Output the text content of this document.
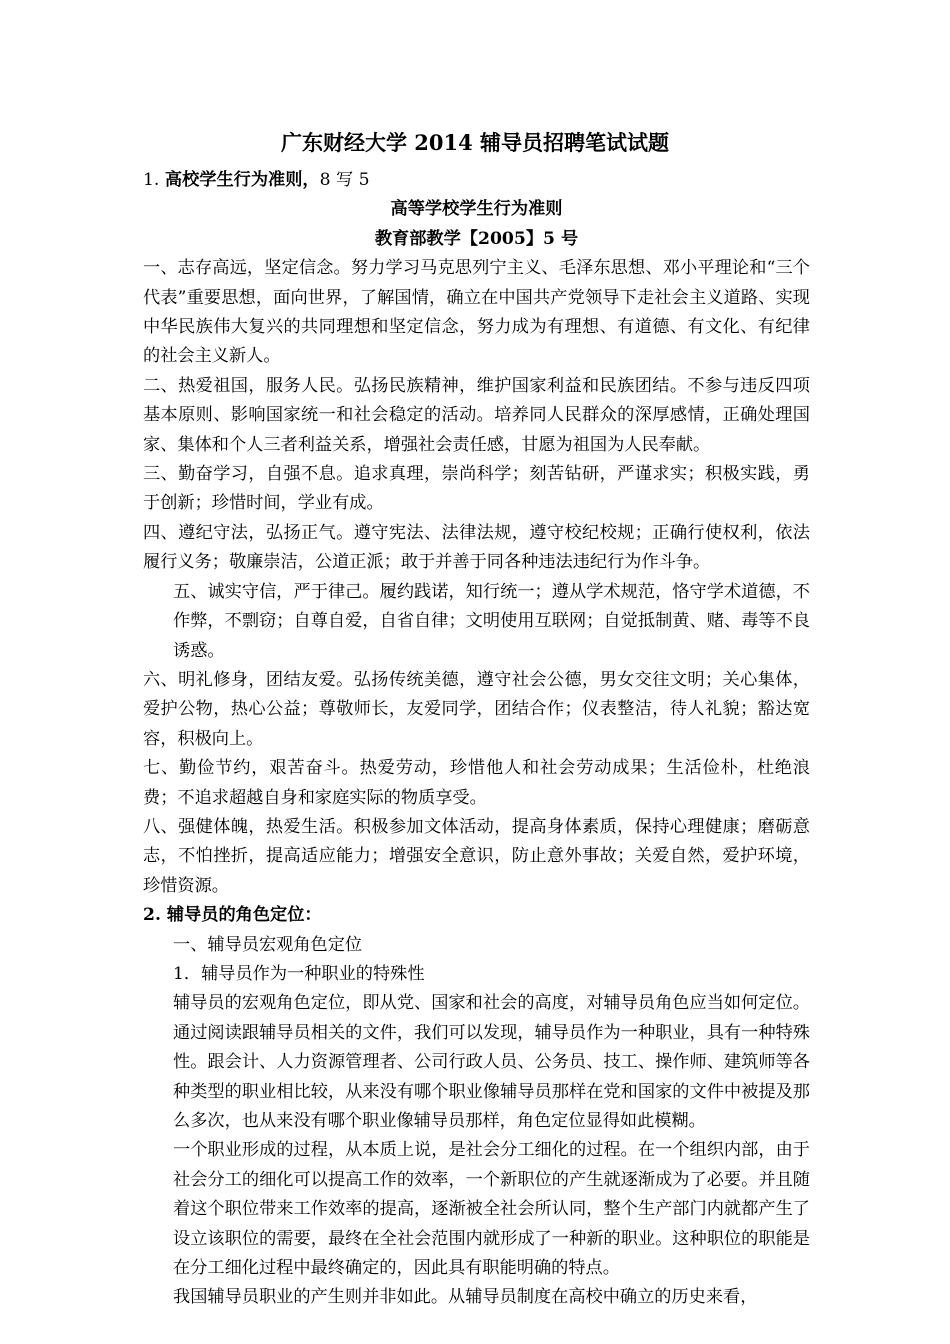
广东财经大学 2014 辅导员招聘笔试试题

1. 高校学生行为准则，8 写 5

高等学校学生行为准则

教育部教学【2005】5 号

一、志存高远，坚定信念。努力学习马克思列宁主义、毛泽东思想、邓小平理论和“三个代表”重要思想，面向世界，了解国情，确立在中国共产党领导下走社会主义道路、实现中华民族伟大复兴的共同理想和坚定信念，努力成为有理想、有道德、有文化、有纪律的社会主义新人。

二、热爱祖国，服务人民。弘扬民族精神，维护国家利益和民族团结。不参与违反四项基本原则、影响国家统一和社会稳定的活动。培养同人民群众的深厚感情，正确处理国家、集体和个人三者利益关系，增强社会责任感，甘愿为祖国为人民奉献。

三、勤奋学习，自强不息。追求真理，崇尚科学；刻苦钻研，严谨求实；积极实践，勇于创新；珍惜时间，学业有成。

四、遵纪守法，弘扬正气。遵守宪法、法律法规，遵守校纪校规；正确行使权利，依法履行义务；敬廉崇洁，公道正派；敢于并善于同各种违法违纪行为作斗争。

五、诚实守信，严于律己。履约践诺，知行统一；遵从学术规范，恪守学术道德，不作弊，不剽窃；自尊自爱，自省自律；文明使用互联网；自觉抵制黄、赌、毒等不良诱惑。

六、明礼修身，团结友爱。弘扬传统美德，遵守社会公德，男女交往文明；关心集体，爱护公物，热心公益；尊敬师长，友爱同学，团结合作；仪表整洁，待人礼貌；豁达宽容，积极向上。

七、勤俭节约，艰苦奋斗。热爱劳动，珍惜他人和社会劳动成果；生活俭朴，杜绝浪费；不追求超越自身和家庭实际的物质享受。

八、强健体魄，热爱生活。积极参加文体活动，提高身体素质，保持心理健康；磨砺意志，不怕挫折，提高适应能力；增强安全意识，防止意外事故；关爱自然，爱护环境，珍惜资源。

2. 辅导员的角色定位：

一、辅导员宏观角色定位

1．辅导员作为一种职业的特殊性

辅导员的宏观角色定位，即从党、国家和社会的高度，对辅导员角色应当如何定位。通过阅读跟辅导员相关的文件，我们可以发现，辅导员作为一种职业，具有一种特殊性。跟会计、人力资源管理者、公司行政人员、公务员、技工、操作师、建筑师等各种类型的职业相比较，从来没有哪个职业像辅导员那样在党和国家的文件中被提及那么多次，也从来没有哪个职业像辅导员那样，角色定位显得如此模糊。

一个职业形成的过程，从本质上说，是社会分工细化的过程。在一个组织内部，由于社会分工的细化可以提高工作的效率，一个新职位的产生就逐渐成为了必要。并且随着这个职位带来工作效率的提高，逐渐被全社会所认同，整个生产部门内就都产生了设立该职位的需要，最终在全社会范围内就形成了一种新的职业。这种职位的职能是在分工细化过程中最终确定的，因此具有职能明确的特点。

我国辅导员职业的产生则并非如此。从辅导员制度在高校中确立的历史来看，
